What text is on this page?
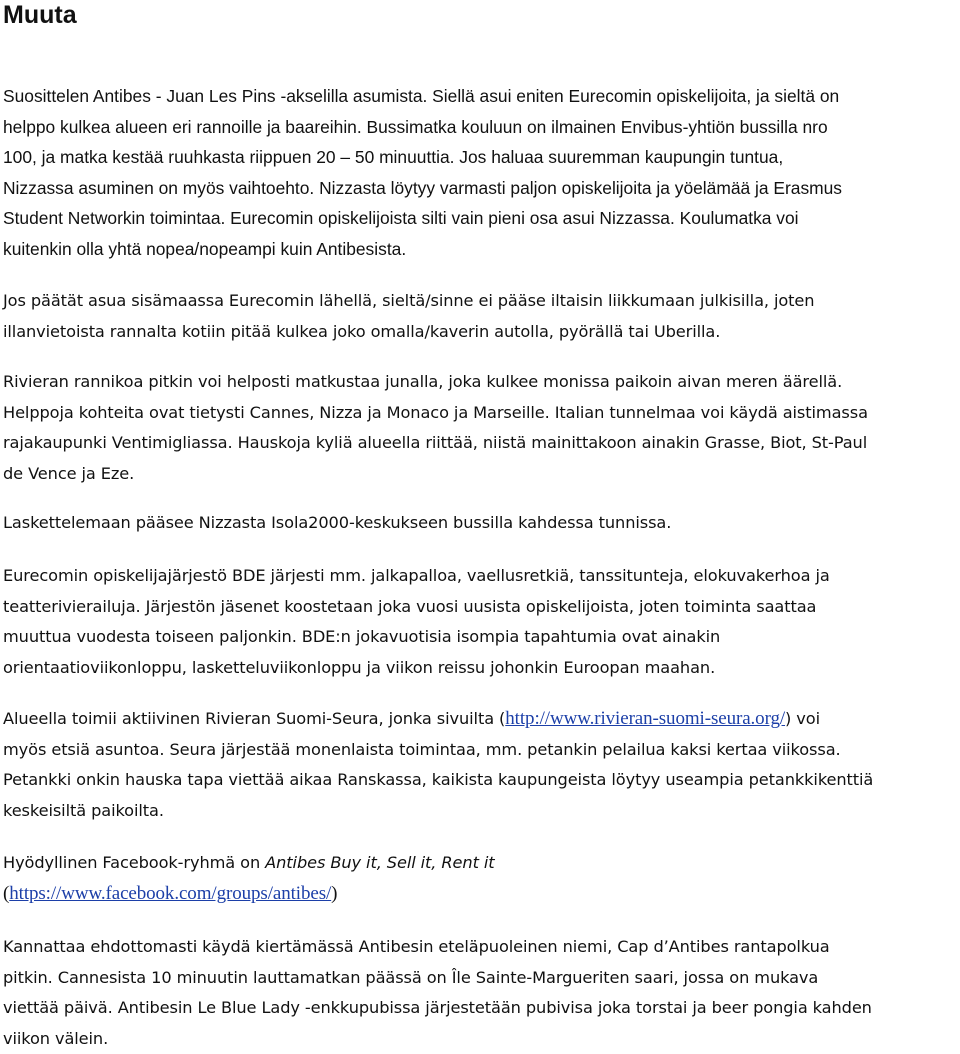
Muuta

Suosittelen Antibes - Juan Les Pins -akselilla asumista. Siellä asui eniten Eurecomin opiskelijoita, ja sieltä on
helppo kulkea alueen eri rannoille ja baareihin. Bussimatka kouluun on ilmainen Envibus-yhtiön bussilla nro
100, ja matka kestää ruuhkasta riippuen 20 – 50 minuuttia. Jos haluaa suuremman kaupungin tuntua,
Nizzassa asuminen on myös vaihtoehto. Nizzasta löytyy varmasti paljon opiskelijoita ja yöelämää ja Erasmus
Student Networkin toimintaa. Eurecomin opiskelijoista silti vain pieni osa asui Nizzassa. Koulumatka voi
kuitenkin olla yhtä nopea/nopeampi kuin Antibesista.

Jos päätät asua sisämaassa Eurecomin lähellä, sieltä/sinne ei pääse iltaisin liikkumaan julkisilla, joten
illanvietoista rannalta kotiin pitää kulkea joko omalla/kaverin autolla, pyörällä tai Uberilla.

Rivieran rannikoa pitkin voi helposti matkustaa junalla, joka kulkee monissa paikoin aivan meren äärellä.
Helppoja kohteita ovat tietysti Cannes, Nizza ja Monaco ja Marseille. Italian tunnelmaa voi käydä aistimassa
rajakaupunki Ventimigliassa. Hauskoja kyliä alueella riittää, niistä mainittakoon ainakin Grasse, Biot, St-Paul
de Vence ja Eze.

Laskettelemaan pääsee Nizzasta Isola2000-keskukseen bussilla kahdessa tunnissa.

Eurecomin opiskelijajärjestö BDE järjesti mm. jalkapalloa, vaellusretkiä, tanssitunteja, elokuvakerhoa ja
teatterivierailuja. Järjestön jäsenet koostetaan joka vuosi uusista opiskelijoista, joten toiminta saattaa
muuttua vuodesta toiseen paljonkin. BDE:n jokavuotisia isompia tapahtumia ovat ainakin
orientaatioviikonloppu, lasketteluviikonloppu ja viikon reissu johonkin Euroopan maahan.

Alueella toimii aktiivinen Rivieran Suomi-Seura, jonka sivuilta (http://www.rivieran-suomi-seura.org/) voi
myös etsiä asuntoa. Seura järjestää monenlaista toimintaa, mm. petankin pelailua kaksi kertaa viikossa.
Petankki onkin hauska tapa viettää aikaa Ranskassa, kaikista kaupungeista löytyy useampia petankkikenttiä
keskeisiltä paikoilta.

Hyödyllinen Facebook-ryhmä on Antibes Buy it, Sell it, Rent it
(https://www.facebook.com/groups/antibes/)

Kannattaa ehdottomasti käydä kiertämässä Antibesin eteläpuoleinen niemi, Cap d’Antibes rantapolkua
pitkin. Cannesista 10 minuutin lauttamatkan päässä on Île Sainte-Margueriten saari, jossa on mukava
viettää päivä. Antibesin Le Blue Lady -enkkupubissa järjestetään pubivisa joka torstai ja beer pongia kahden
viikon välein.
